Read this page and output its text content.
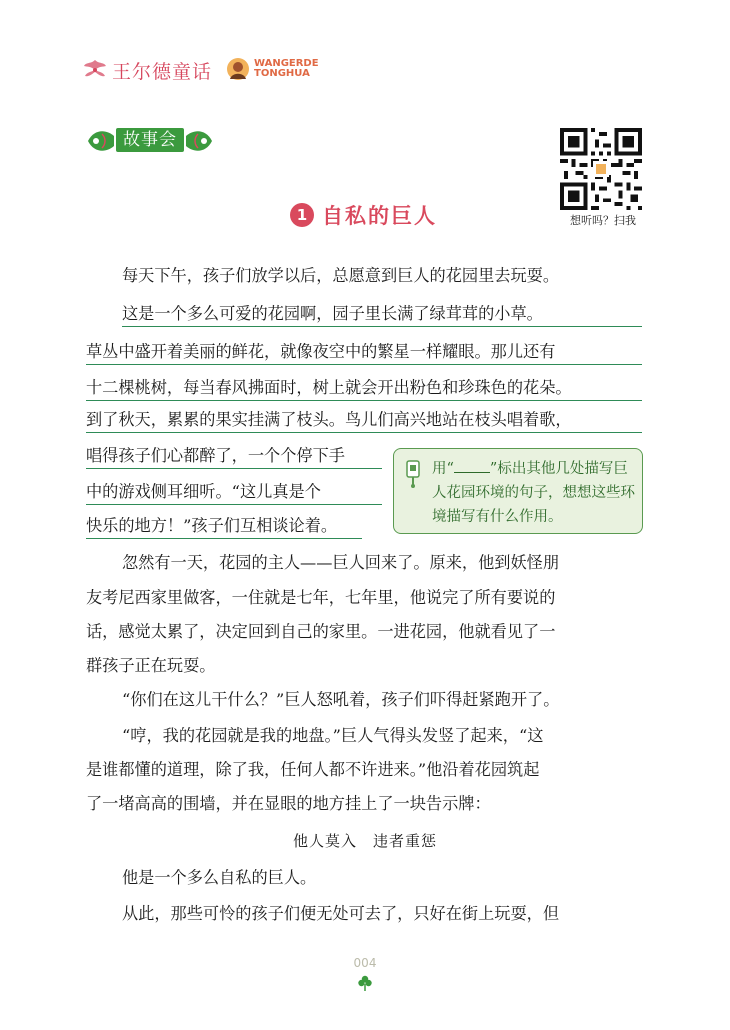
王尔德童话	WANGERDE
TONGHUA
故事会
想听吗？扫我
1 自私的巨人
每天下午，孩子们放学以后，总愿意到巨人的花园里去玩耍。
这是一个多么可爱的花园啊，园子里长满了绿茸茸的小草。
草丛中盛开着美丽的鲜花，就像夜空中的繁星一样耀眼。那儿还有
十二棵桃树，每当春风拂面时，树上就会开出粉色和珍珠色的花朵。
到了秋天，累累的果实挂满了枝头。鸟儿们高兴地站在枝头唱着歌，
唱得孩子们心都醉了，一个个停下手
中的游戏侧耳细听。“这儿真是个
快乐的地方！”孩子们互相谈论着。
用“ ”标出其他几处描写巨人花园环境的句子，想想这些环境描写有什么作用。
忽然有一天，花园的主人——巨人回来了。原来，他到妖怪朋
友考尼西家里做客，一住就是七年，七年里，他说完了所有要说的
话，感觉太累了，决定回到自己的家里。一进花园，他就看见了一
群孩子正在玩耍。
“你们在这儿干什么？”巨人怒吼着，孩子们吓得赶紧跑开了。
“哼，我的花园就是我的地盘。”巨人气得头发竖了起来，“这
是谁都懂的道理，除了我，任何人都不许进来。”他沿着花园筑起
了一堵高高的围墙，并在显眼的地方挂上了一块告示牌：
他人莫入　违者重惩
他是一个多么自私的巨人。
从此，那些可怜的孩子们便无处可去了，只好在街上玩耍，但
004
